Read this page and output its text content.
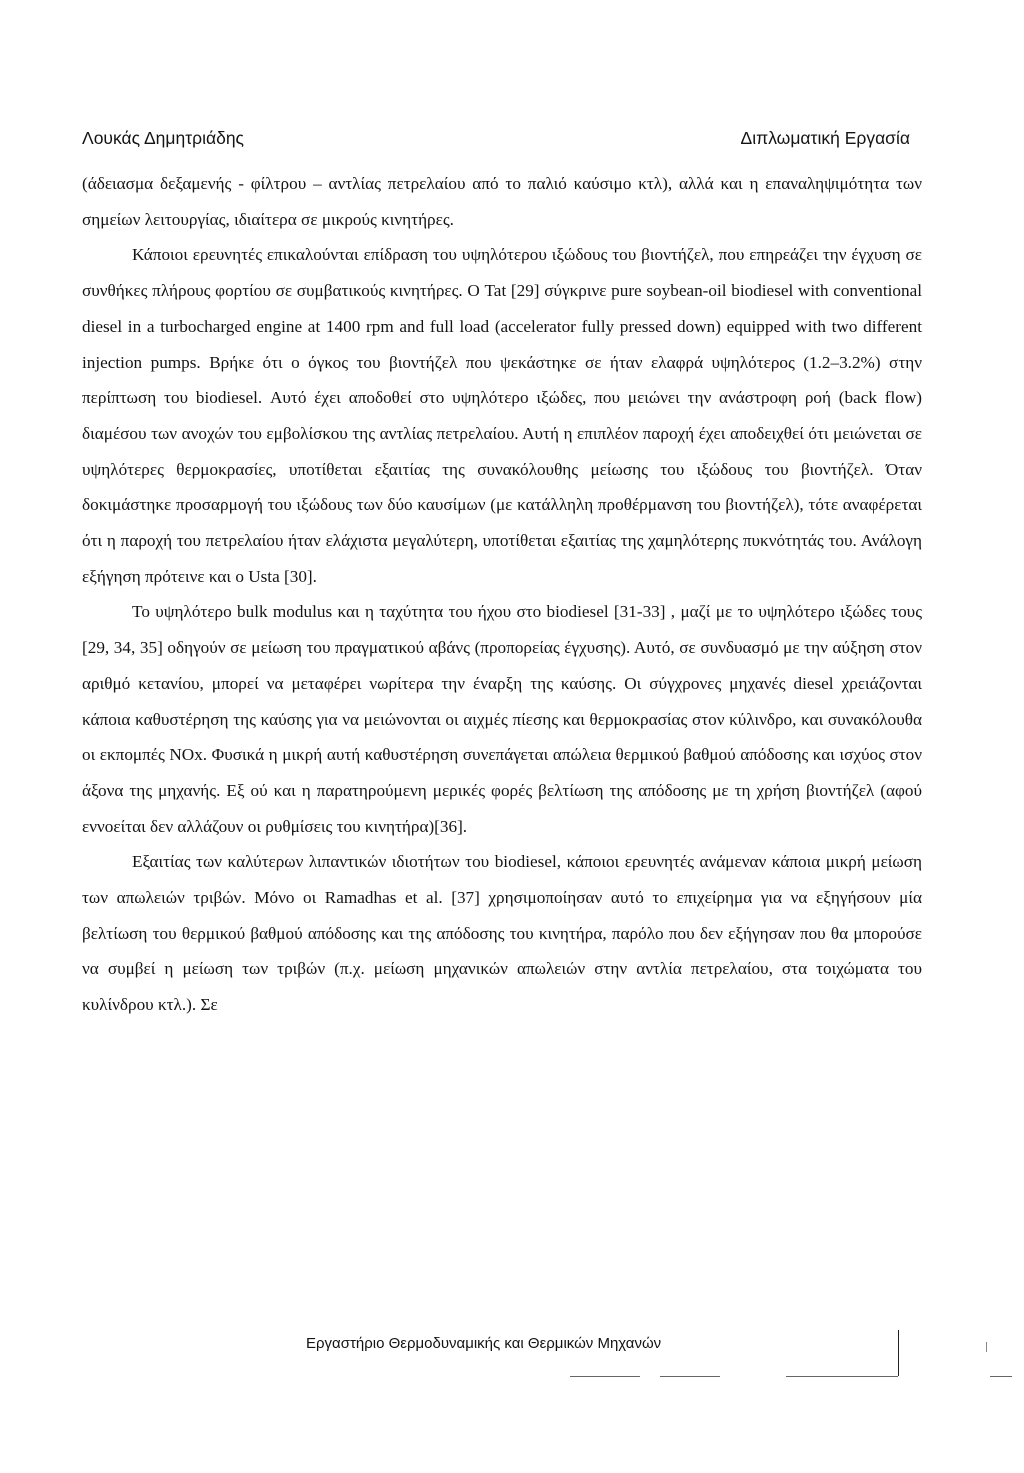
Λουκάς Δημητριάδης	Διπλωματική Εργασία

(άδειασμα δεξαμενής - φίλτρου – αντλίας πετρελαίου από το παλιό καύσιμο κτλ), αλλά και η επαναληψιμότητα των σημείων λειτουργίας, ιδιαίτερα σε μικρούς κινητήρες.

Κάποιοι ερευνητές επικαλούνται επίδραση του υψηλότερου ιξώδους του βιοντήζελ, που επηρεάζει την έγχυση σε συνθήκες πλήρους φορτίου σε συμβατικούς κινητήρες. Ο Tat [29] σύγκρινε pure soybean-oil biodiesel with conventional diesel in a turbocharged engine at 1400 rpm and full load (accelerator fully pressed down) equipped with two different injection pumps. Βρήκε ότι ο όγκος του βιοντήζελ που ψεκάστηκε σε ήταν ελαφρά υψηλότερος (1.2–3.2%) στην περίπτωση του biodiesel. Αυτό έχει αποδοθεί στο υψηλότερο ιξώδες, που μειώνει την ανάστροφη ροή (back flow) διαμέσου των ανοχών του εμβολίσκου της αντλίας πετρελαίου. Αυτή η επιπλέον παροχή έχει αποδειχθεί ότι μειώνεται σε υψηλότερες θερμοκρασίες, υποτίθεται εξαιτίας της συνακόλουθης μείωσης του ιξώδους του βιοντήζελ. Όταν δοκιμάστηκε προσαρμογή του ιξώδους των δύο καυσίμων (με κατάλληλη προθέρμανση του βιοντήζελ), τότε αναφέρεται ότι η παροχή του πετρελαίου ήταν ελάχιστα μεγαλύτερη, υποτίθεται εξαιτίας της χαμηλότερης πυκνότητάς του. Ανάλογη εξήγηση πρότεινε και ο Usta [30].

Το υψηλότερο bulk modulus και η ταχύτητα του ήχου στο biodiesel [31-33] , μαζί με το υψηλότερο ιξώδες τους [29, 34, 35] οδηγούν σε μείωση του πραγματικού αβάνς (προπορείας έγχυσης). Αυτό, σε συνδυασμό με την αύξηση στον αριθμό κετανίου, μπορεί να μεταφέρει νωρίτερα την έναρξη της καύσης. Οι σύγχρονες μηχανές diesel χρειάζονται κάποια καθυστέρηση της καύσης για να μειώνονται οι αιχμές πίεσης και θερμοκρασίας στον κύλινδρο, και συνακόλουθα οι εκπομπές NOx. Φυσικά η μικρή αυτή καθυστέρηση συνεπάγεται απώλεια θερμικού βαθμού απόδοσης και ισχύος στον άξονα της μηχανής. Εξ ού και η παρατηρούμενη μερικές φορές βελτίωση της απόδοσης με τη χρήση βιοντήζελ (αφού εννοείται δεν αλλάζουν οι ρυθμίσεις του κινητήρα)[36].

Εξαιτίας των καλύτερων λιπαντικών ιδιοτήτων του biodiesel, κάποιοι ερευνητές ανάμεναν κάποια μικρή μείωση των απωλειών τριβών. Μόνο οι Ramadhas et al. [37] χρησιμοποίησαν αυτό το επιχείρημα για να εξηγήσουν μία βελτίωση του θερμικού βαθμού απόδοσης και της απόδοσης του κινητήρα, παρόλο που δεν εξήγησαν που θα μπορούσε να συμβεί η μείωση των τριβών (π.χ. μείωση μηχανικών απωλειών στην αντλία πετρελαίου, στα τοιχώματα του κυλίνδρου κτλ.). Σε

Εργαστήριο Θερμοδυναμικής και Θερμικών Μηχανών
